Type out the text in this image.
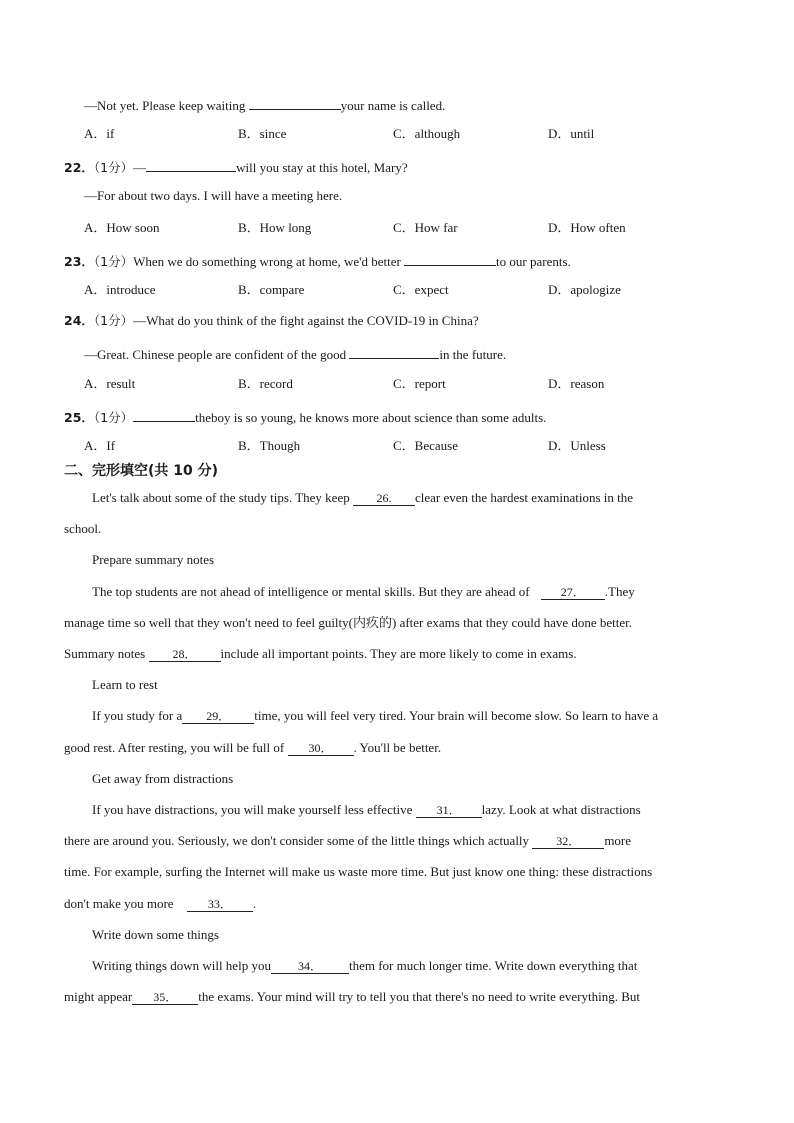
—Not yet. Please keep waiting	your name is called.
A．if	B．since	C．although	D．until
22．（1分）—	will you stay at this hotel, Mary?
—For about two days. I will have a meeting here.
A．How soon	B．How long	C．How far	D．How often
23．（1分）When we do something wrong at home, we'd better	to our parents.
A．introduce	B．compare	C．expect	D．apologize
24．（1分）—What do you think of the fight against the COVID-19 in China?
—Great. Chinese people are confident of the good	in the future.
A．result	B．record	C．report	D．reason
25．（1分）	theboy is so young, he knows more about science than some adults.
A．If	B．Though	C．Because	D．Unless
二、完形填空(共 10 分)
Let's talk about some of the study tips. They keep 26. clear even the hardest examinations in the
school.
Prepare summary notes
The top students are not ahead of intelligence or mental skills. But they are ahead of 27． .They
manage time so well that they won't need to feel guilty(内疚的) after exams that they could have done better.
Summary notes 28． include all important points. They are more likely to come in exams.
Learn to rest
If you study for a 29． time, you will feel very tired. Your brain will become slow. So learn to have a
good rest. After resting, you will be full of 30． . You'll be better.
Get away from distractions
If you have distractions, you will make yourself less effective 31． lazy. Look at what distractions
there are around you. Seriously, we don't consider some of the little things which actually 32． more
time. For example, surfing the Internet will make us waste more time. But just know one thing: these distractions
don't make you more	33． .
Write down some things
Writing things down will help you 34． them for much longer time. Write down everything that
might appear 35． the exams. Your mind will try to tell you that there's no need to write everything. But
